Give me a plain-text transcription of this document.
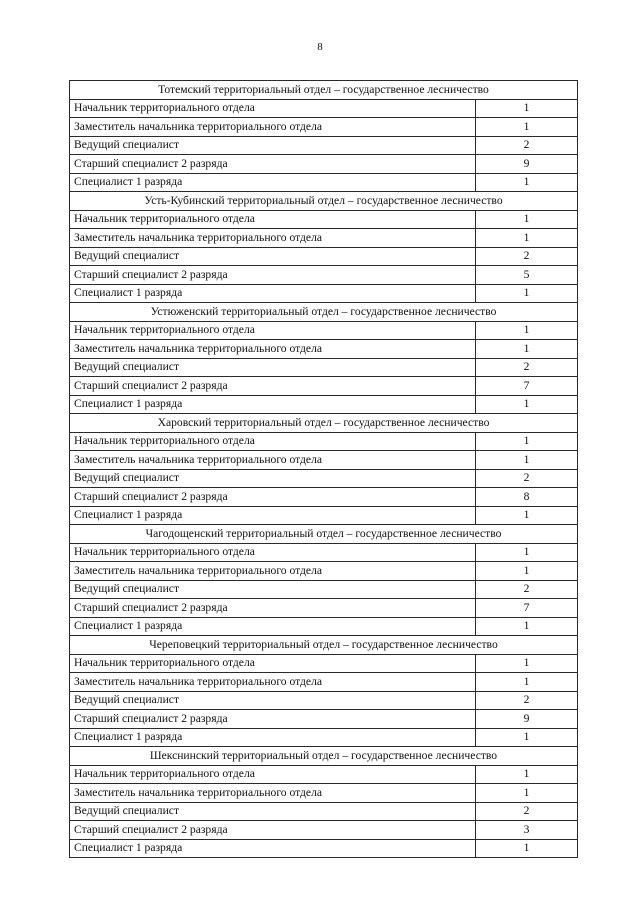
8
Тотемский территориальный отдел – государственное лесничество	
Начальник территориального отдела	1
Заместитель начальника территориального отдела	1
Ведущий специалист	2
Старший специалист 2 разряда	9
Специалист 1 разряда	1
Усть-Кубинский территориальный отдел – государственное лесничество	
Начальник территориального отдела	1
Заместитель начальника территориального отдела	1
Ведущий специалист	2
Старший специалист 2 разряда	5
Специалист 1 разряда	1
Устюженский территориальный отдел – государственное лесничество	
Начальник территориального отдела	1
Заместитель начальника территориального отдела	1
Ведущий специалист	2
Старший специалист 2 разряда	7
Специалист 1 разряда	1
Харовский территориальный отдел – государственное лесничество	
Начальник территориального отдела	1
Заместитель начальника территориального отдела	1
Ведущий специалист	2
Старший специалист 2 разряда	8
Специалист 1 разряда	1
Чагодощенский территориальный отдел – государственное лесничество	
Начальник территориального отдела	1
Заместитель начальника территориального отдела	1
Ведущий специалист	2
Старший специалист 2 разряда	7
Специалист 1 разряда	1
Череповецкий территориальный отдел – государственное лесничество	
Начальник территориального отдела	1
Заместитель начальника территориального отдела	1
Ведущий специалист	2
Старший специалист 2 разряда	9
Специалист 1 разряда	1
Шекснинский территориальный отдел – государственное лесничество	
Начальник территориального отдела	1
Заместитель начальника территориального отдела	1
Ведущий специалист	2
Старший специалист 2 разряда	3
Специалист 1 разряда	1
